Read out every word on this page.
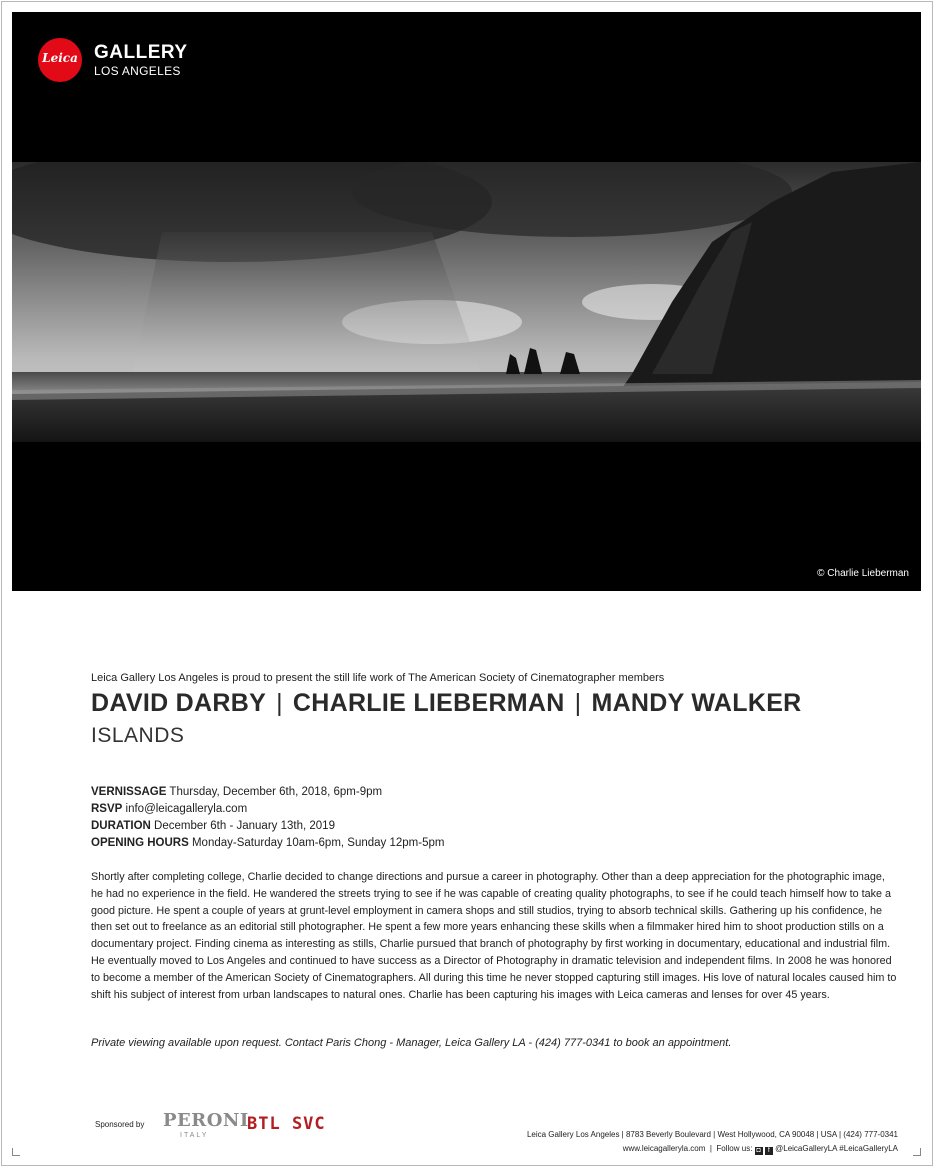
Leica GALLERY
LOS ANGELES
© Charlie Lieberman
Leica Gallery Los Angeles is proud to present the still life work of The American Society of Cinematographer members
DAVID DARBY | CHARLIE LIEBERMAN | MANDY WALKER
ISLANDS
VERNISSAGE Thursday, December 6th, 2018, 6pm-9pm
RSVP info@leicagalleryla.com
DURATION December 6th - January 13th, 2019
OPENING HOURS Monday-Saturday 10am-6pm, Sunday 12pm-5pm
Shortly after completing college, Charlie decided to change directions and pursue a career in photography. Other than a deep appreciation for the photographic image, he had no experience in the field. He wandered the streets trying to see if he was capable of creating quality photographs, to see if he could teach himself how to take a good picture. He spent a couple of years at grunt-level employment in camera shops and still studios, trying to absorb technical skills. Gathering up his confidence, he then set out to freelance as an editorial still photographer. He spent a few more years enhancing these skills when a filmmaker hired him to shoot production stills on a documentary project. Finding cinema as interesting as stills, Charlie pursued that branch of photography by first working in documentary, educational and industrial film. He eventually moved to Los Angeles and continued to have success as a Director of Photography in dramatic television and independent films. In 2008 he was honored to become a member of the American Society of Cinematographers. All during this time he never stopped capturing still images. His love of natural locales caused him to shift his subject of interest from urban landscapes to natural ones. Charlie has been capturing his images with Leica cameras and lenses for over 45 years.
Private viewing available upon request. Contact Paris Chong - Manager, Leica Gallery LA - (424) 777-0341 to book an appointment.
Sponsored by PERONI
ITALY
BTL SVC
Leica Gallery Los Angeles | 8783 Beverly Boulevard | West Hollywood, CA 90048 | USA | (424) 777-0341
www.leicagalleryla.com  |  Follow us: ◘ f @LeicaGalleryLA #LeicaGalleryLA
